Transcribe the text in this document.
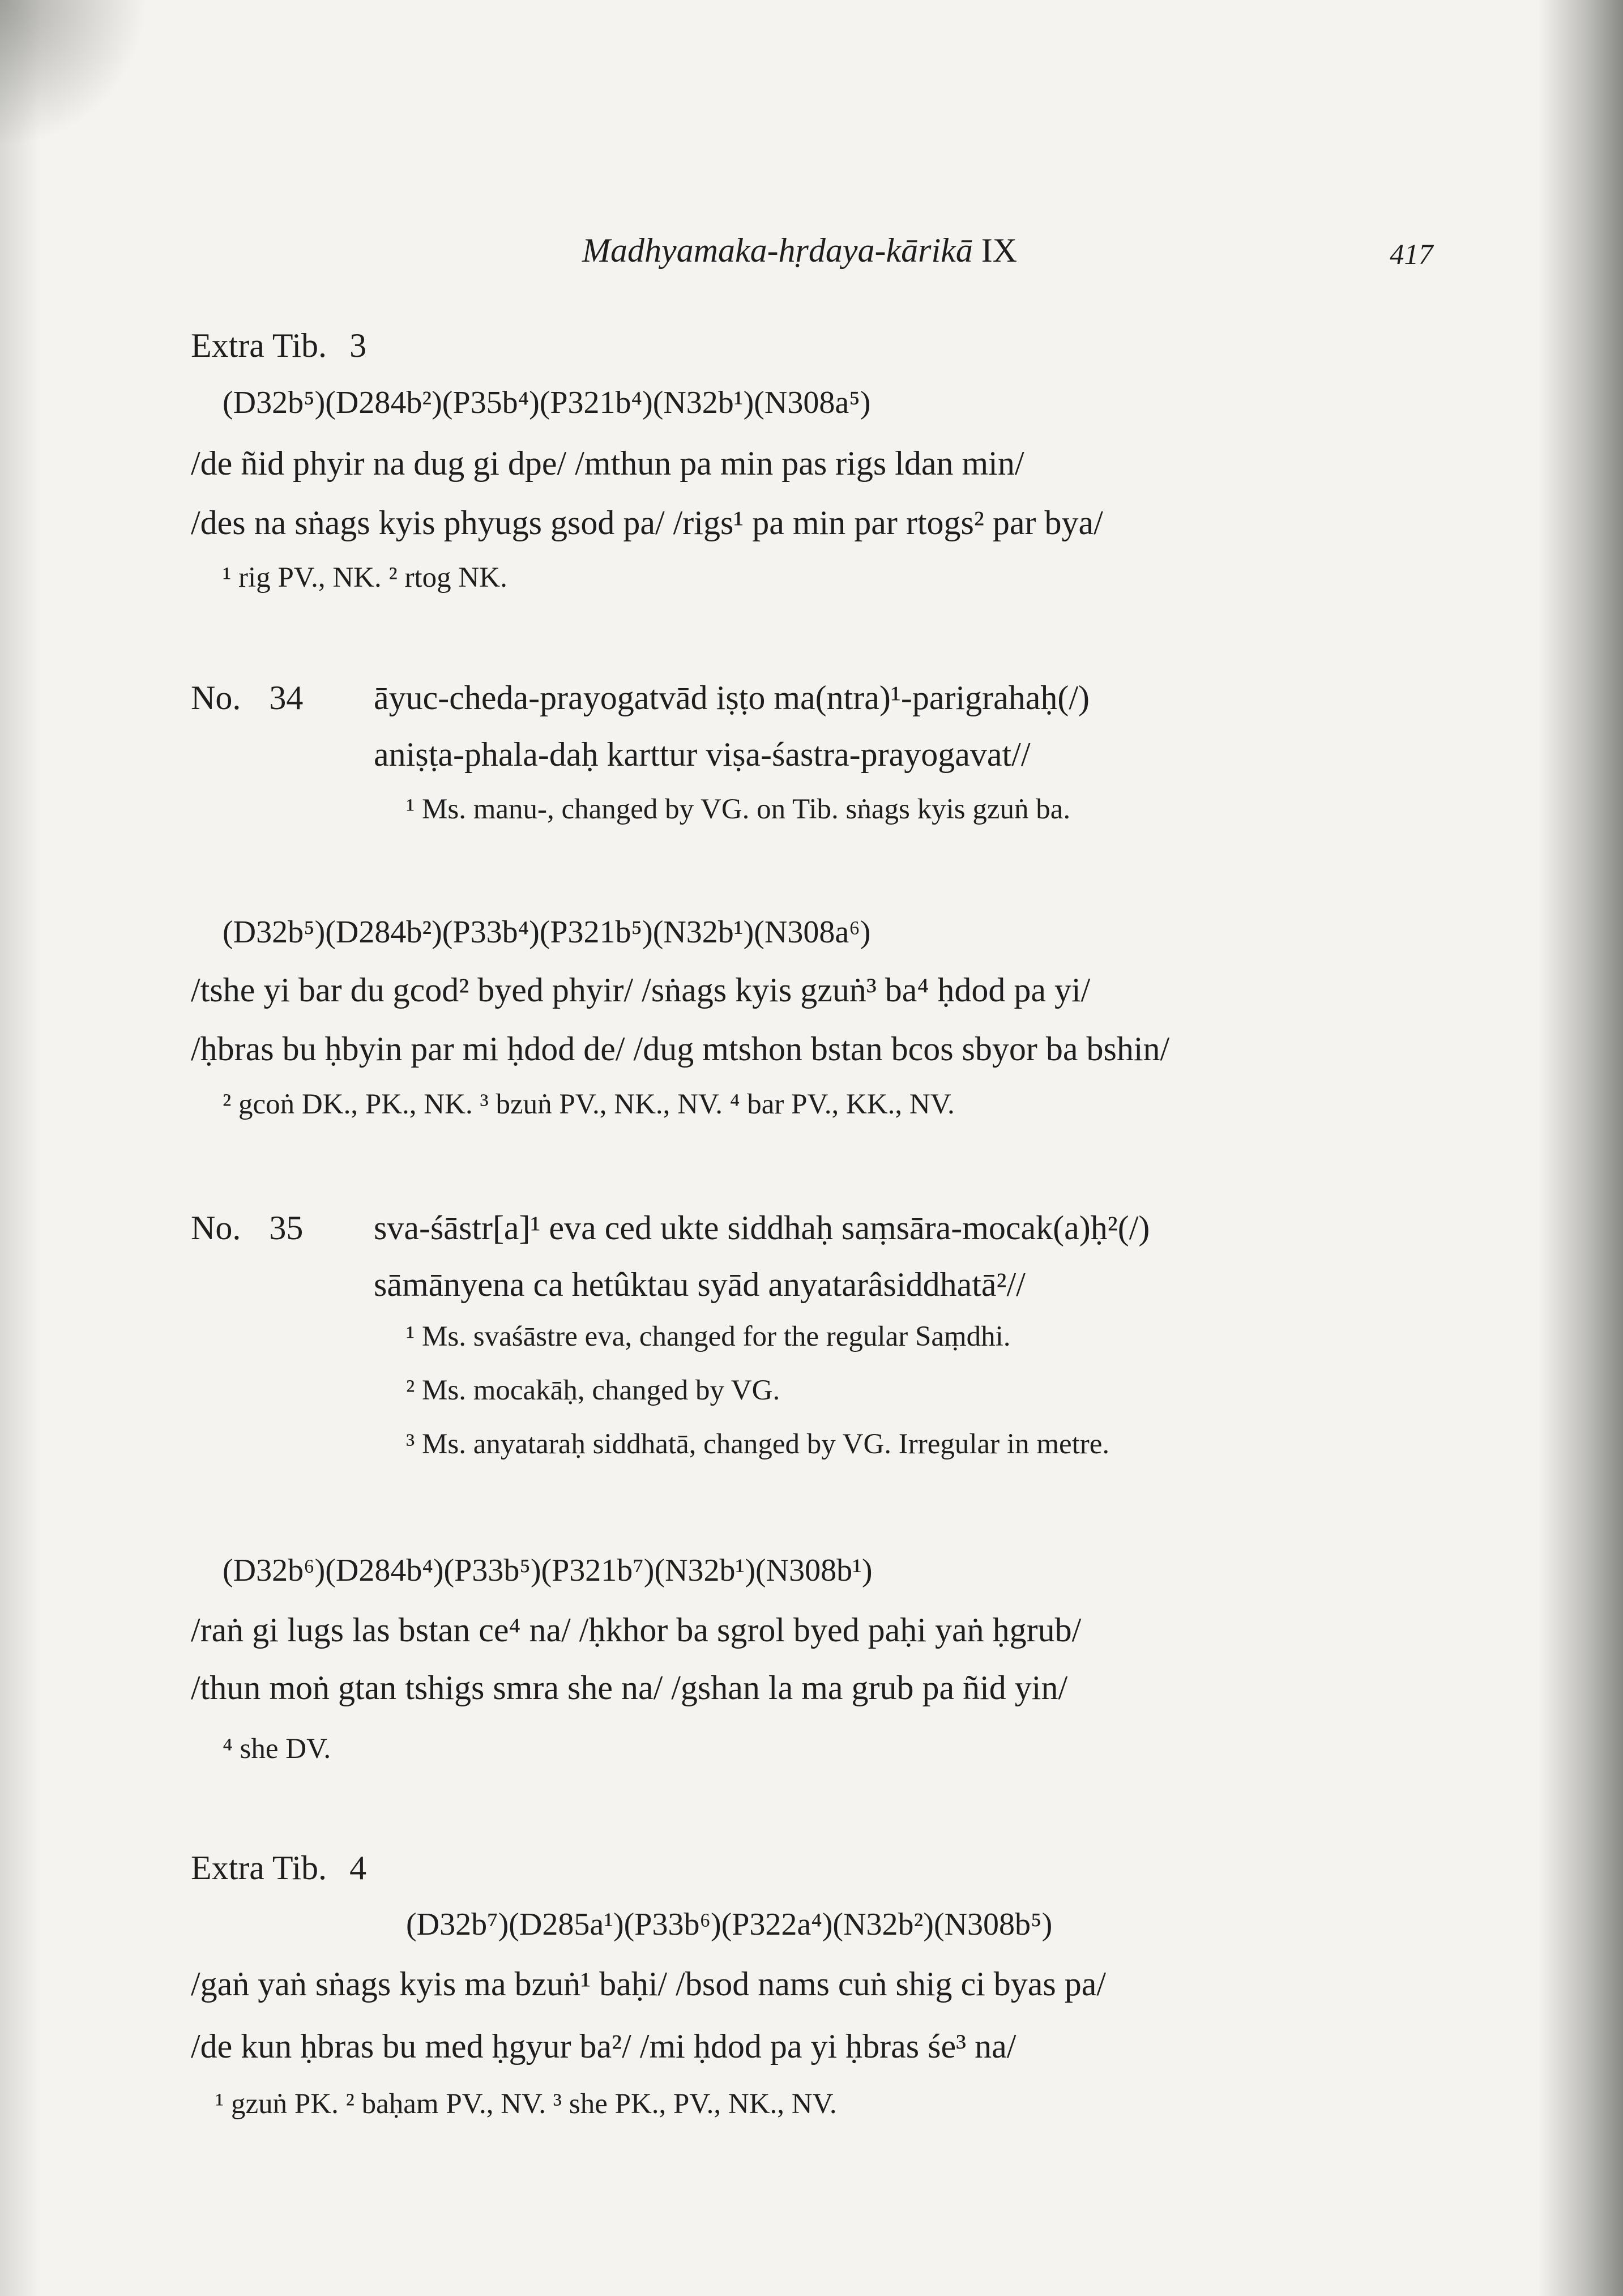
Madhyamaka-hṛdaya-kārikā IX	417
Extra Tib. 3
(D32b⁵)(D284b²)(P35b⁴)(P321b⁴)(N32b¹)(N308a⁵)
/de ñid phyir na dug gi dpe/ /mthun pa min pas rigs ldan min/
/des na sṅags kyis phyugs gsod pa/ /rigs¹ pa min par rtogs² par bya/
¹ rig PV., NK. ² rtog NK.
No. 34 āyuc-cheda-prayogatvād iṣṭo ma(ntra)¹-parigrahaḥ(/)
aniṣṭa-phala-daḥ karttur viṣa-śastra-prayogavat//
¹ Ms. manu-, changed by VG. on Tib. sṅags kyis gzuṅ ba.
(D32b⁵)(D284b²)(P33b⁴)(P321b⁵)(N32b¹)(N308a⁶)
/tshe yi bar du gcod² byed phyir/ /sṅags kyis gzuṅ³ ba⁴ ḥdod pa yi/
/ḥbras bu ḥbyin par mi ḥdod de/ /dug mtshon bstan bcos sbyor ba bshin/
² gcoṅ DK., PK., NK. ³ bzuṅ PV., NK., NV. ⁴ bar PV., KK., NV.
No. 35 sva-śāstr[a]¹ eva ced ukte siddhaḥ saṃsāra-mocak(a)ḥ²(/)
sāmānyena ca hetûktau syād anyatarâsiddhatā²//
¹ Ms. svaśāstre eva, changed for the regular Saṃdhi.
² Ms. mocakāḥ, changed by VG.
³ Ms. anyataraḥ siddhatā, changed by VG. Irregular in metre.
(D32b⁶)(D284b⁴)(P33b⁵)(P321b⁷)(N32b¹)(N308b¹)
/raṅ gi lugs las bstan ce⁴ na/ /ḥkhor ba sgrol byed paḥi yaṅ ḥgrub/
/thun moṅ gtan tshigs smra she na/ /gshan la ma grub pa ñid yin/
⁴ she DV.
Extra Tib. 4
(D32b⁷)(D285a¹)(P33b⁶)(P322a⁴)(N32b²)(N308b⁵)
/gaṅ yaṅ sṅags kyis ma bzuṅ¹ baḥi/ /bsod nams cuṅ shig ci byas pa/
/de kun ḥbras bu med ḥgyur ba²/ /mi ḥdod pa yi ḥbras śe³ na/
¹ gzuṅ PK. ² baḥam PV., NV. ³ she PK., PV., NK., NV.
